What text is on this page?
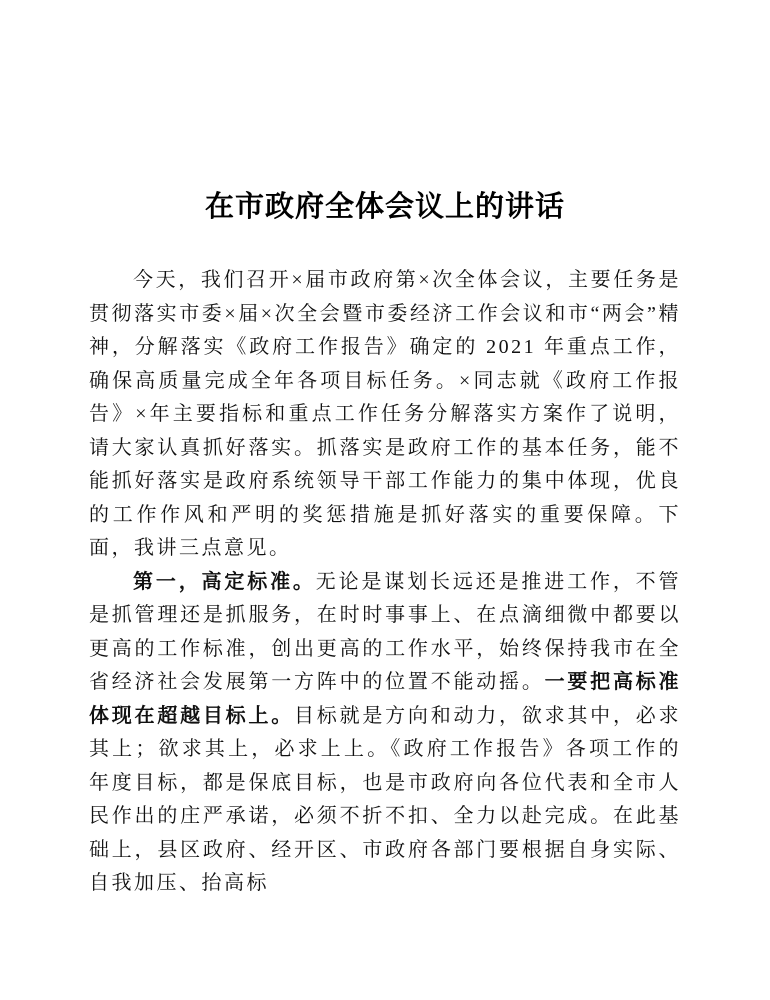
在市政府全体会议上的讲话

今天，我们召开×届市政府第×次全体会议，主要任务是贯彻落实市委×届×次全会暨市委经济工作会议和市“两会”精神，分解落实《政府工作报告》确定的 2021 年重点工作，确保高质量完成全年各项目标任务。×同志就《政府工作报告》×年主要指标和重点工作任务分解落实方案作了说明，请大家认真抓好落实。抓落实是政府工作的基本任务，能不能抓好落实是政府系统领导干部工作能力的集中体现，优良的工作作风和严明的奖惩措施是抓好落实的重要保障。下面，我讲三点意见。

第一，高定标准。无论是谋划长远还是推进工作，不管是抓管理还是抓服务，在时时事事上、在点滴细微中都要以更高的工作标准，创出更高的工作水平，始终保持我市在全省经济社会发展第一方阵中的位置不能动摇。一要把高标准体现在超越目标上。目标就是方向和动力，欲求其中，必求其上；欲求其上，必求上上。《政府工作报告》各项工作的年度目标，都是保底目标，也是市政府向各位代表和全市人民作出的庄严承诺，必须不折不扣、全力以赴完成。在此基础上，县区政府、经开区、市政府各部门要根据自身实际、自我加压、抬高标
